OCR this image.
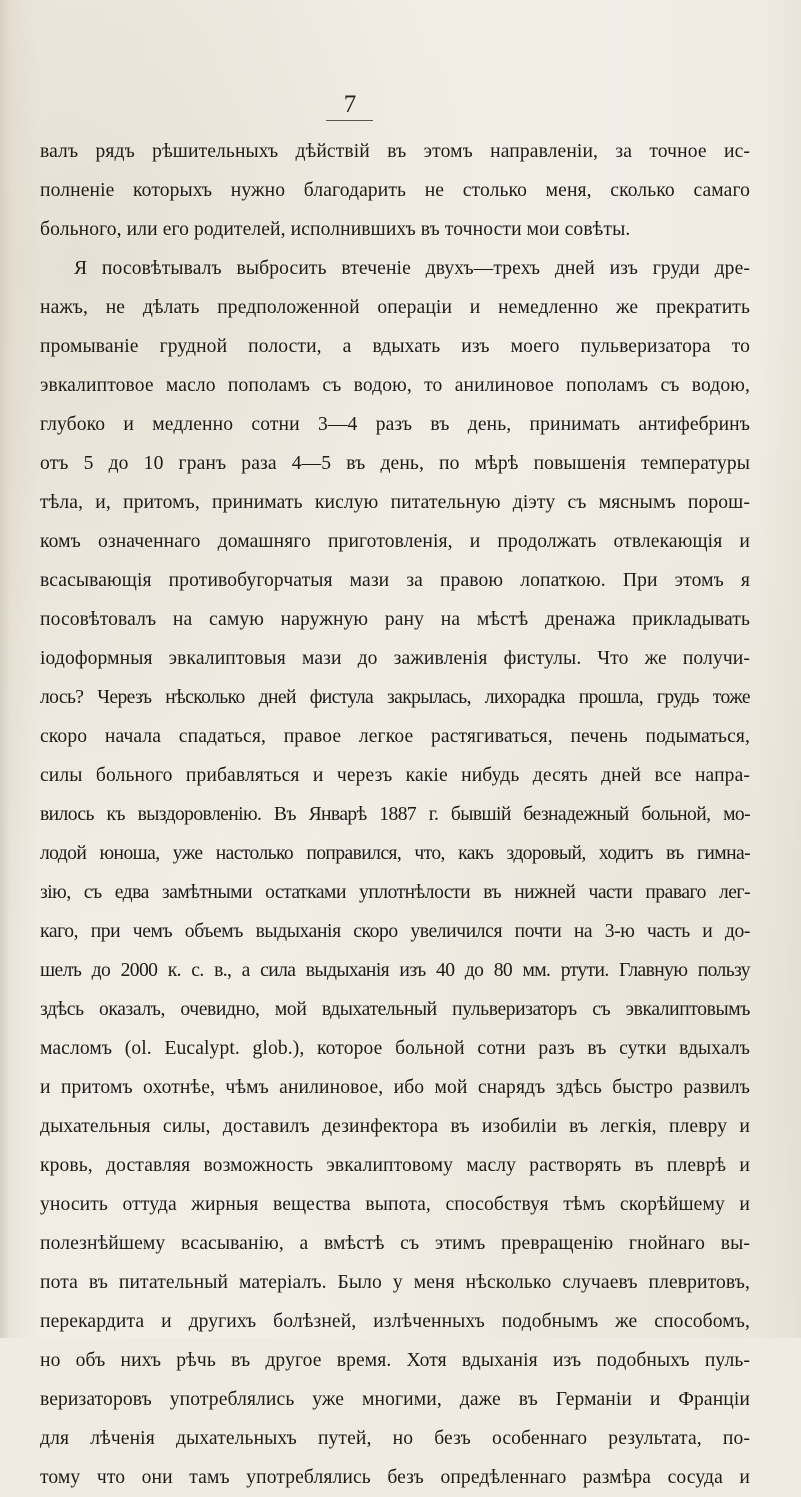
7
валъ рядъ рѣшительныхъ дѣйствій въ этомъ направленіи, за точное ис-
полненіе которыхъ нужно благодарить не столько меня, сколько самаго
больного, или его родителей, исполнившихъ въ точности мои совѣты.
Я посовѣтывалъ выбросить втеченіе двухъ—трехъ дней изъ груди дре-
нажъ, не дѣлать предположенной операціи и немедленно же прекратить
промываніе грудной полости, а вдыхать изъ моего пульверизатора то
эвкалиптовое масло пополамъ съ водою, то анилиновое пополамъ съ водою,
глубоко и медленно сотни 3—4 разъ въ день, принимать антифебринъ
отъ 5 до 10 гранъ раза 4—5 въ день, по мѣрѣ повышенія температуры
тѣла, и, притомъ, принимать кислую питательную діэту съ мяснымъ порош-
комъ означеннаго домашняго приготовленія, и продолжать отвлекающія и
всасывающія противобугорчатыя мази за правою лопаткою. При этомъ я
посовѣтовалъ на самую наружную рану на мѣстѣ дренажа прикладывать
іодоформныя эвкалиптовыя мази до заживленія фистулы. Что же получи-
лось? Черезъ нѣсколько дней фистула закрылась, лихорадка прошла, грудь тоже
скоро начала спадаться, правое легкое растягиваться, печень подыматься,
силы больного прибавляться и черезъ какіе нибудь десять дней все напра-
вилось къ выздоровленію. Въ Январѣ 1887 г. бывшій безнадежный больной, мо-
лодой юноша, уже настолько поправился, что, какъ здоровый, ходитъ въ гимна-
зію, съ едва замѣтными остатками уплотнѣлости въ нижней части праваго лег-
каго, при чемъ объемъ выдыханія скоро увеличился почти на 3-ю часть и до-
шелъ до 2000 к. с. в., а сила выдыханія изъ 40 до 80 мм. ртути. Главную пользу
здѣсь оказалъ, очевидно, мой вдыхательный пульверизаторъ съ эвкалиптовымъ
масломъ (ol. Eucalypt. glob.), которое больной сотни разъ въ сутки вдыхалъ
и притомъ охотнѣе, чѣмъ анилиновое, ибо мой снарядъ здѣсь быстро развилъ
дыхательныя силы, доставилъ дезинфектора въ изобиліи въ легкія, плевру и
кровь, доставляя возможность эвкалиптовому маслу растворять въ плеврѣ и
уносить оттуда жирныя вещества выпота, способствуя тѣмъ скорѣйшему и
полезнѣйшему всасыванію, а вмѣстѣ съ этимъ превращенію гнойнаго вы-
пота въ питательный матеріалъ. Было у меня нѣсколько случаевъ плевритовъ,
перекардита и другихъ болѣзней, излѣченныхъ подобнымъ же способомъ,
но объ нихъ рѣчь въ другое время. Хотя вдыханія изъ подобныхъ пуль-
веризаторовъ употреблялись уже многими, даже въ Германіи и Франціи
для лѣченія дыхательныхъ путей, но безъ особеннаго результата, по-
тому что они тамъ употреблялись безъ опредѣленнаго размѣра сосуда и
